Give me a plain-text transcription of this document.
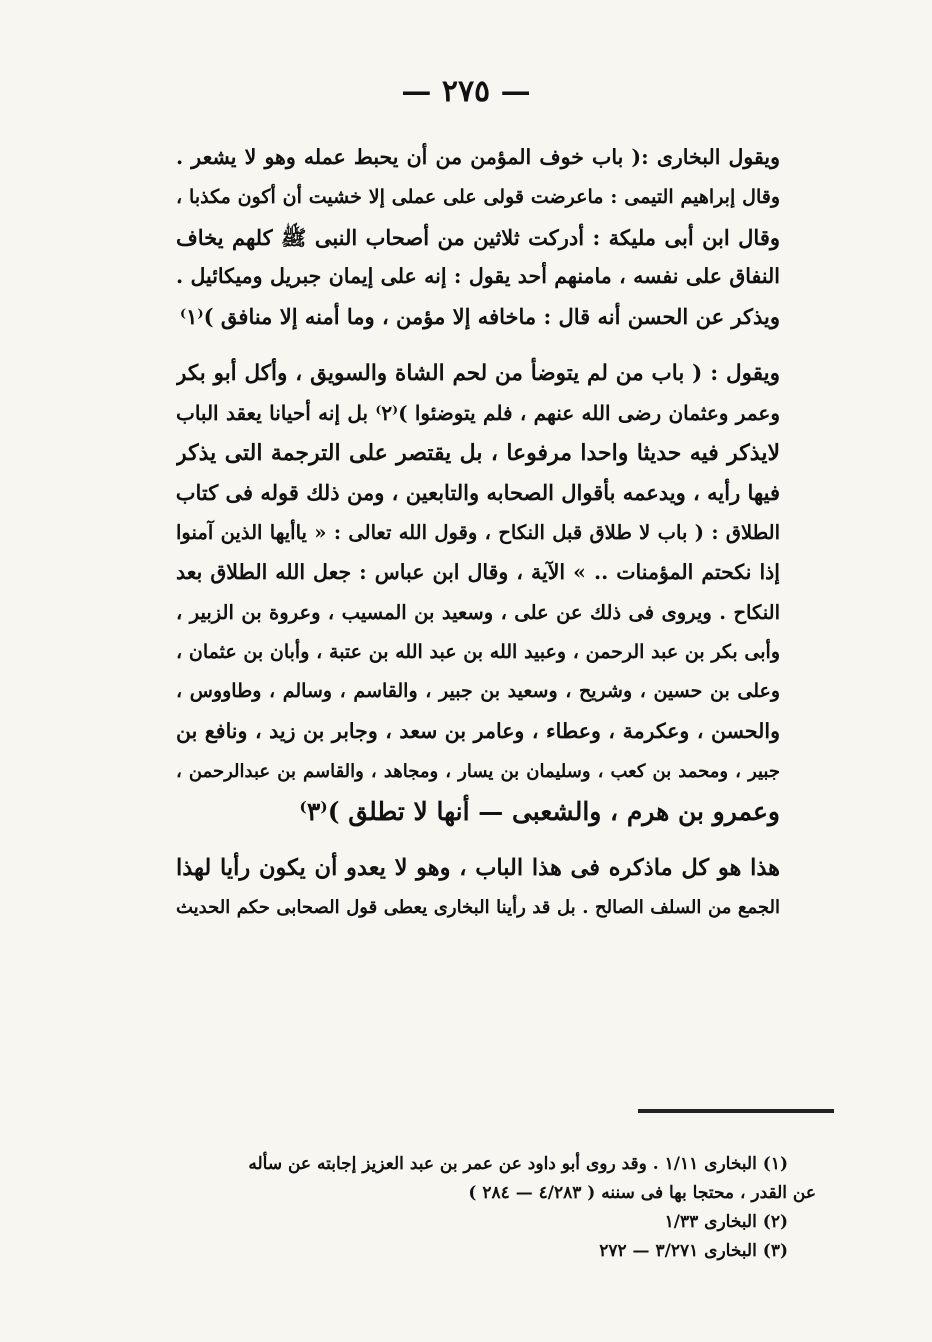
— ٢٧٥ —

ويقول البخارى :( باب خوف المؤمن من أن يحبط عمله وهو لا يشعر .
وقال إبراهيم التيمى : ماعرضت قولى على عملى إلا خشيت أن أكون مكذبا ،
وقال ابن أبى مليكة : أدركت ثلاثين من أصحاب النبى ﷺ كلهم يخاف
النفاق على نفسه ، مامنهم أحد يقول : إنه على إيمان جبريل وميكائيل .
ويذكر عن الحسن أنه قال : ماخافه إلا مؤمن ، وما أمنه إلا منافق )⁽١⁾

ويقول : ( باب من لم يتوضأ من لحم الشاة والسويق ، وأكل أبو بكر
وعمر وعثمان رضى الله عنهم ، فلم يتوضئوا )⁽٢⁾ بل إنه أحيانا يعقد الباب
لايذكر فيه حديثا واحدا مرفوعا ، بل يقتصر على الترجمة التى يذكر
فيها رأيه ، ويدعمه بأقوال الصحابه والتابعين ، ومن ذلك قوله فى كتاب
الطلاق : ( باب لا طلاق قبل النكاح ، وقول الله تعالى : « ياأيها الذين آمنوا
إذا نكحتم المؤمنات .. » الآية ، وقال ابن عباس : جعل الله الطلاق بعد
النكاح . ويروى فى ذلك عن على ، وسعيد بن المسيب ، وعروة بن الزبير ،
وأبى بكر بن عبد الرحمن ، وعبيد الله بن عبد الله بن عتبة ، وأبان بن عثمان ،
وعلى بن حسين ، وشريح ، وسعيد بن جبير ، والقاسم ، وسالم ، وطاووس ،
والحسن ، وعكرمة ، وعطاء ، وعامر بن سعد ، وجابر بن زيد ، ونافع بن
جبير ، ومحمد بن كعب ، وسليمان بن يسار ، ومجاهد ، والقاسم بن عبدالرحمن ،
وعمرو بن هرم ، والشعبى — أنها لا تطلق )⁽٣⁾

هذا هو كل ماذكره فى هذا الباب ، وهو لا يعدو أن يكون رأيا لهذا
الجمع من السلف الصالح . بل قد رأينا البخارى يعطى قول الصحابى حكم الحديث

(١) البخارى ١/١١ . وقد روى أبو داود عن عمر بن عبد العزيز إجابته عن سأله
عن القدر ، محتجا بها فى سننه ( ٤/٢٨٣ — ٢٨٤ )
(٢) البخارى ١/٣٣
(٣) البخارى ٣/٢٧١ — ٢٧٢
